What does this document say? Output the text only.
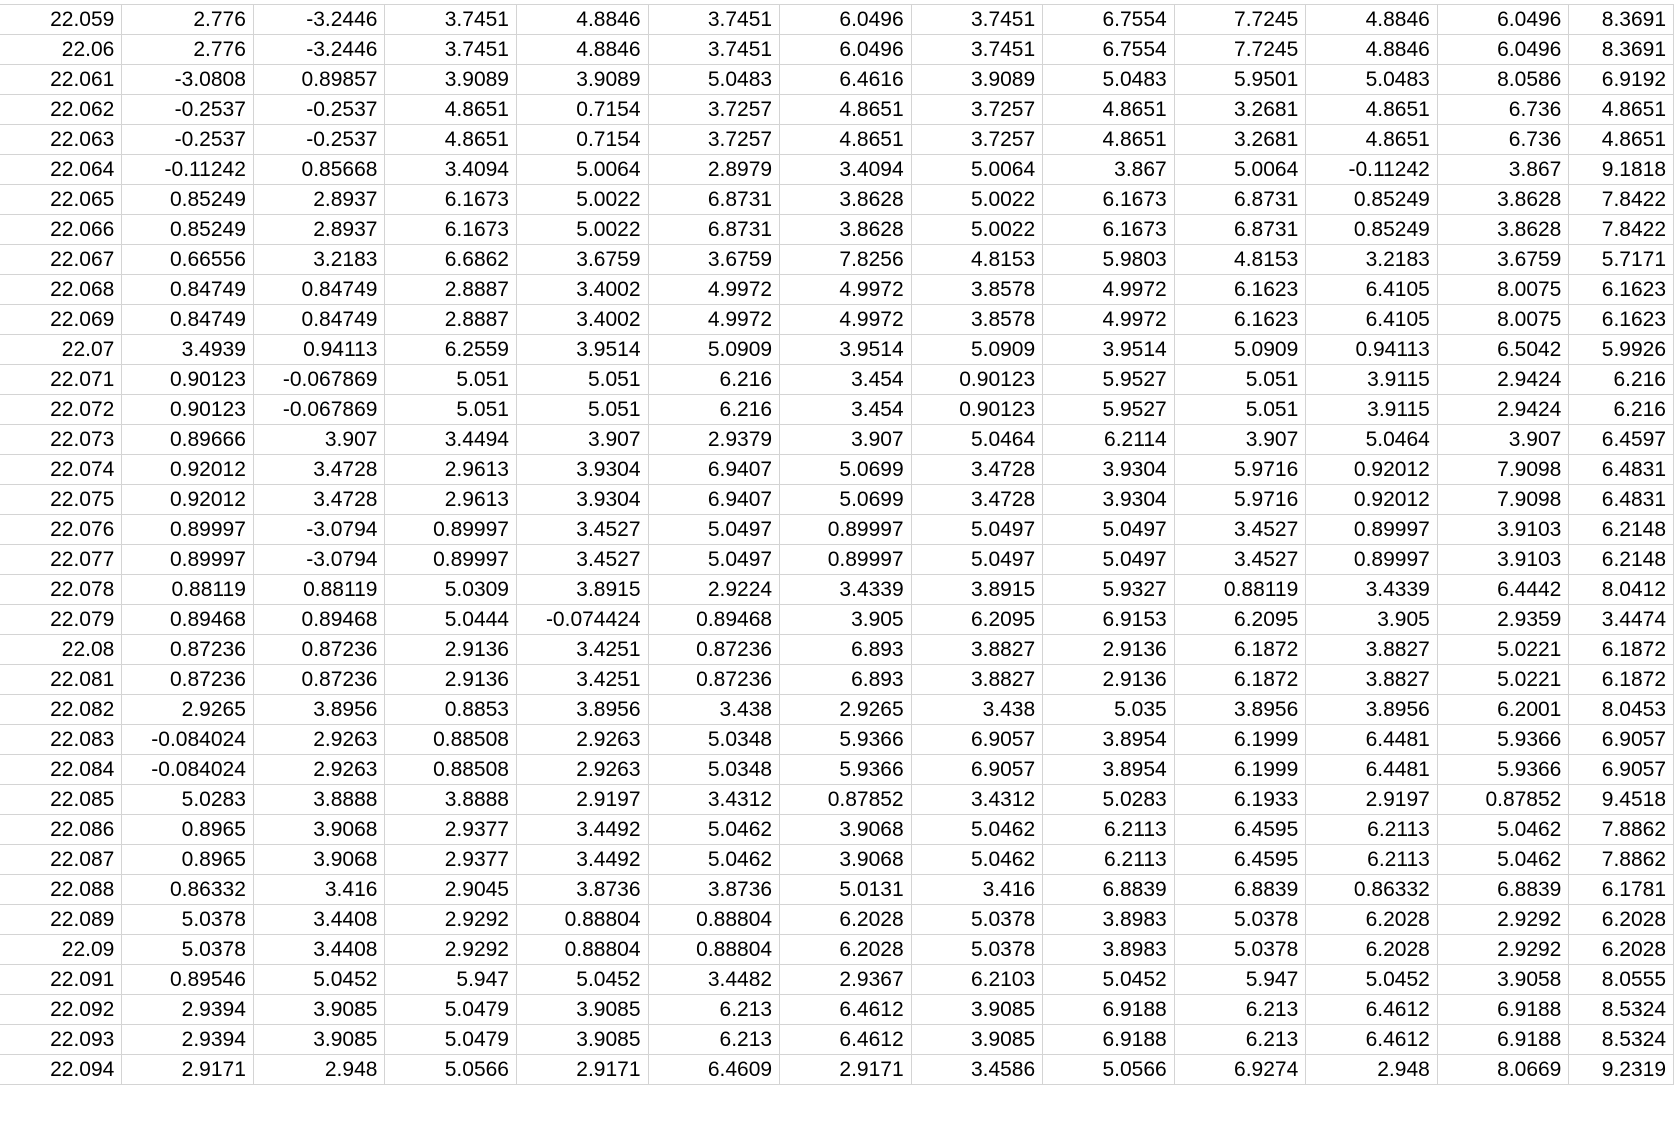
22.059	2.776	-3.2446	3.7451	4.8846	3.7451	6.0496	3.7451	6.7554	7.7245	4.8846	6.0496	8.3691
22.06	2.776	-3.2446	3.7451	4.8846	3.7451	6.0496	3.7451	6.7554	7.7245	4.8846	6.0496	8.3691
22.061	-3.0808	0.89857	3.9089	3.9089	5.0483	6.4616	3.9089	5.0483	5.9501	5.0483	8.0586	6.9192
22.062	-0.2537	-0.2537	4.8651	0.7154	3.7257	4.8651	3.7257	4.8651	3.2681	4.8651	6.736	4.8651
22.063	-0.2537	-0.2537	4.8651	0.7154	3.7257	4.8651	3.7257	4.8651	3.2681	4.8651	6.736	4.8651
22.064	-0.11242	0.85668	3.4094	5.0064	2.8979	3.4094	5.0064	3.867	5.0064	-0.11242	3.867	9.1818
22.065	0.85249	2.8937	6.1673	5.0022	6.8731	3.8628	5.0022	6.1673	6.8731	0.85249	3.8628	7.8422
22.066	0.85249	2.8937	6.1673	5.0022	6.8731	3.8628	5.0022	6.1673	6.8731	0.85249	3.8628	7.8422
22.067	0.66556	3.2183	6.6862	3.6759	3.6759	7.8256	4.8153	5.9803	4.8153	3.2183	3.6759	5.7171
22.068	0.84749	0.84749	2.8887	3.4002	4.9972	4.9972	3.8578	4.9972	6.1623	6.4105	8.0075	6.1623
22.069	0.84749	0.84749	2.8887	3.4002	4.9972	4.9972	3.8578	4.9972	6.1623	6.4105	8.0075	6.1623
22.07	3.4939	0.94113	6.2559	3.9514	5.0909	3.9514	5.0909	3.9514	5.0909	0.94113	6.5042	5.9926
22.071	0.90123	-0.067869	5.051	5.051	6.216	3.454	0.90123	5.9527	5.051	3.9115	2.9424	6.216
22.072	0.90123	-0.067869	5.051	5.051	6.216	3.454	0.90123	5.9527	5.051	3.9115	2.9424	6.216
22.073	0.89666	3.907	3.4494	3.907	2.9379	3.907	5.0464	6.2114	3.907	5.0464	3.907	6.4597
22.074	0.92012	3.4728	2.9613	3.9304	6.9407	5.0699	3.4728	3.9304	5.9716	0.92012	7.9098	6.4831
22.075	0.92012	3.4728	2.9613	3.9304	6.9407	5.0699	3.4728	3.9304	5.9716	0.92012	7.9098	6.4831
22.076	0.89997	-3.0794	0.89997	3.4527	5.0497	0.89997	5.0497	5.0497	3.4527	0.89997	3.9103	6.2148
22.077	0.89997	-3.0794	0.89997	3.4527	5.0497	0.89997	5.0497	5.0497	3.4527	0.89997	3.9103	6.2148
22.078	0.88119	0.88119	5.0309	3.8915	2.9224	3.4339	3.8915	5.9327	0.88119	3.4339	6.4442	8.0412
22.079	0.89468	0.89468	5.0444	-0.074424	0.89468	3.905	6.2095	6.9153	6.2095	3.905	2.9359	3.4474
22.08	0.87236	0.87236	2.9136	3.4251	0.87236	6.893	3.8827	2.9136	6.1872	3.8827	5.0221	6.1872
22.081	0.87236	0.87236	2.9136	3.4251	0.87236	6.893	3.8827	2.9136	6.1872	3.8827	5.0221	6.1872
22.082	2.9265	3.8956	0.8853	3.8956	3.438	2.9265	3.438	5.035	3.8956	3.8956	6.2001	8.0453
22.083	-0.084024	2.9263	0.88508	2.9263	5.0348	5.9366	6.9057	3.8954	6.1999	6.4481	5.9366	6.9057
22.084	-0.084024	2.9263	0.88508	2.9263	5.0348	5.9366	6.9057	3.8954	6.1999	6.4481	5.9366	6.9057
22.085	5.0283	3.8888	3.8888	2.9197	3.4312	0.87852	3.4312	5.0283	6.1933	2.9197	0.87852	9.4518
22.086	0.8965	3.9068	2.9377	3.4492	5.0462	3.9068	5.0462	6.2113	6.4595	6.2113	5.0462	7.8862
22.087	0.8965	3.9068	2.9377	3.4492	5.0462	3.9068	5.0462	6.2113	6.4595	6.2113	5.0462	7.8862
22.088	0.86332	3.416	2.9045	3.8736	3.8736	5.0131	3.416	6.8839	6.8839	0.86332	6.8839	6.1781
22.089	5.0378	3.4408	2.9292	0.88804	0.88804	6.2028	5.0378	3.8983	5.0378	6.2028	2.9292	6.2028
22.09	5.0378	3.4408	2.9292	0.88804	0.88804	6.2028	5.0378	3.8983	5.0378	6.2028	2.9292	6.2028
22.091	0.89546	5.0452	5.947	5.0452	3.4482	2.9367	6.2103	5.0452	5.947	5.0452	3.9058	8.0555
22.092	2.9394	3.9085	5.0479	3.9085	6.213	6.4612	3.9085	6.9188	6.213	6.4612	6.9188	8.5324
22.093	2.9394	3.9085	5.0479	3.9085	6.213	6.4612	3.9085	6.9188	6.213	6.4612	6.9188	8.5324
22.094	2.9171	2.948	5.0566	2.9171	6.4609	2.9171	3.4586	5.0566	6.9274	2.948	8.0669	9.2319
